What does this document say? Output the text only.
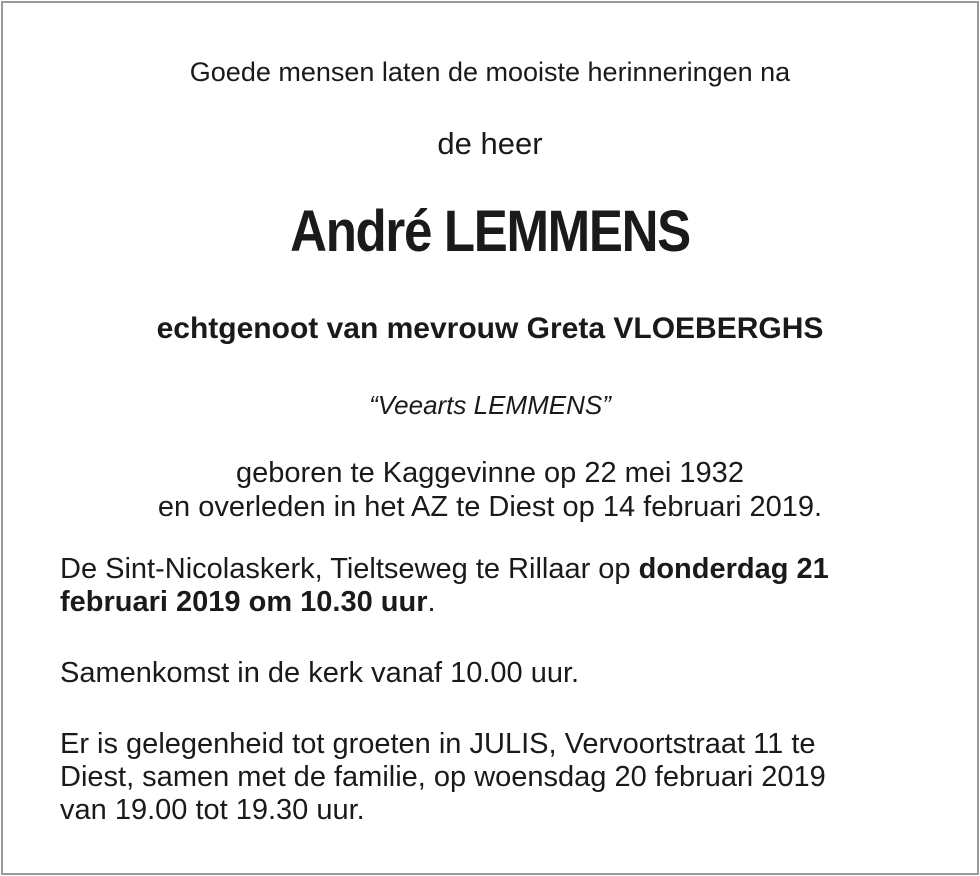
Goede mensen laten de mooiste herinneringen na
de heer
André LEMMENS
echtgenoot van mevrouw Greta VLOEBERGHS
“Veearts LEMMENS”
geboren te Kaggevinne op 22 mei 1932
en overleden in het AZ te Diest op 14 februari 2019.
De Sint-Nicolaskerk, Tieltseweg te Rillaar op donderdag 21
februari 2019 om 10.30 uur.
Samenkomst in de kerk vanaf 10.00 uur.
Er is gelegenheid tot groeten in JULIS, Vervoortstraat 11 te
Diest, samen met de familie, op woensdag 20 februari 2019
van 19.00 tot 19.30 uur.
